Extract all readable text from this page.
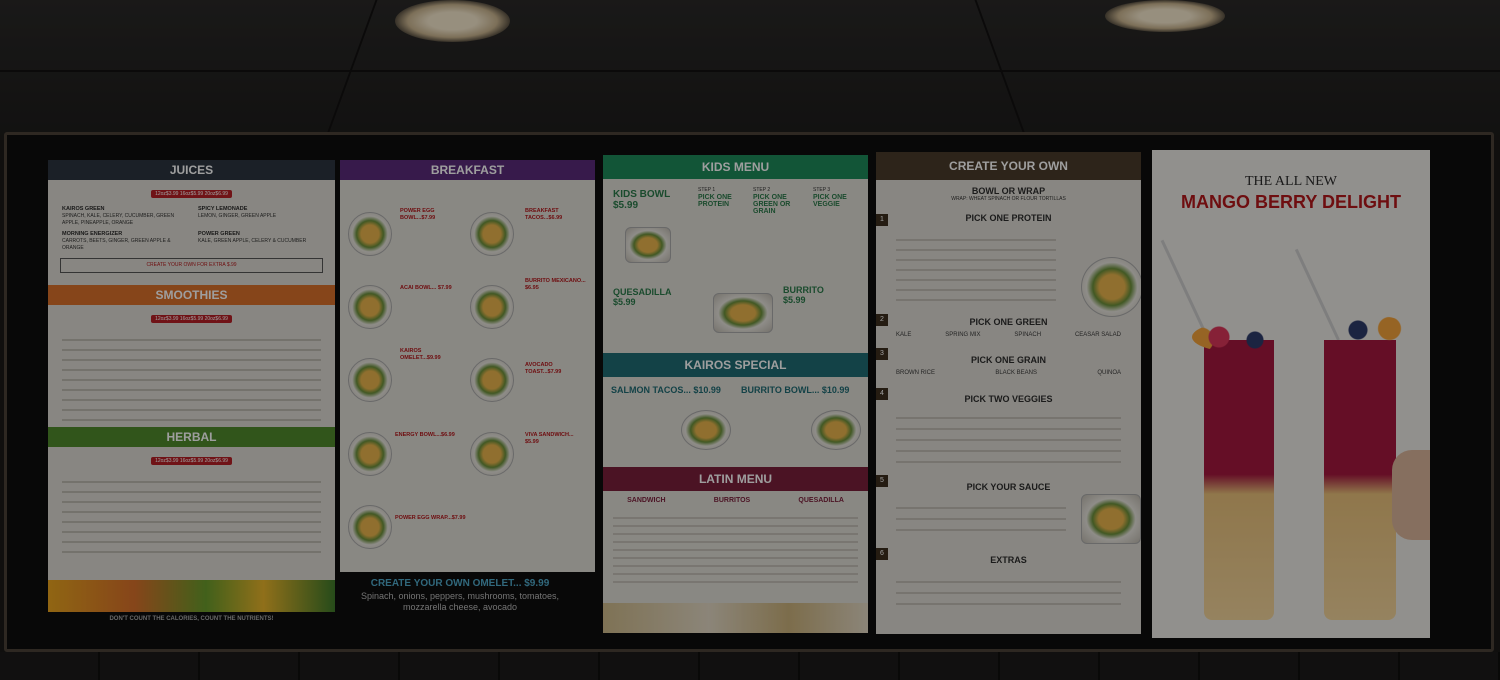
JUICES
12oz$3.99 16oz$5.99 20oz$6.99
KAIROS GREEN
SPINACH, KALE, CELERY, CUCUMBER, GREEN APPLE, PINEAPPLE, ORANGE
SPICY LEMONADE
LEMON, GINGER, GREEN APPLE
MORNING ENERGIZER
CARROTS, BEETS, GINGER, GREEN APPLE & ORANGE
POWER GREEN
KALE, GREEN APPLE, CELERY & CUCUMBER
CREATE YOUR OWN FOR EXTRA $.99
SMOOTHIES
12oz$3.99 16oz$5.99 20oz$6.99
HERBAL
12oz$3.99 16oz$5.99 20oz$6.99
DON'T COUNT THE CALORIES, COUNT THE NUTRIENTS!
BREAKFAST
POWER EGG BOWL...$7.99
BREAKFAST TACOS...$6.99
ACAI BOWL... $7.99
BURRITO MEXICANO... $6.95
KAIROS OMELET...$9.99
AVOCADO TOAST...$7.99
ENERGY BOWL...$6.99	VIVA SANDWICH... $5.99
POWER EGG WRAP...$7.99
CREATE YOUR OWN OMELET... $9.99
Spinach, onions, peppers, mushrooms, tomatoes, mozzarella cheese, avocado
KIDS MENU
KIDS BOWL
$5.99
STEP 1
PICK ONE PROTEIN
STEP 2
PICK ONE GREEN OR GRAIN
STEP 3
PICK ONE VEGGIE
QUESADILLA
$5.99
BURRITO
$5.99
KAIROS SPECIAL
SALMON TACOS... $10.99 BURRITO BOWL... $10.99
LATIN MENU
SANDWICH	BURRITOS	QUESADILLA
CREATE YOUR OWN
BOWL OR WRAP
WRAP: WHEAT SPINACH OR FLOUR TORTILLAS
1	PICK ONE PROTEIN
2	PICK ONE GREEN
KALE	SPRING MIX	SPINACH	CEASAR SALAD
3
PICK ONE GRAIN
BROWN RICE	BLACK BEANS	QUINOA
4
PICK TWO VEGGIES
5
PICK YOUR SAUCE
6
EXTRAS
THE ALL NEW
MANGO BERRY DELIGHT
